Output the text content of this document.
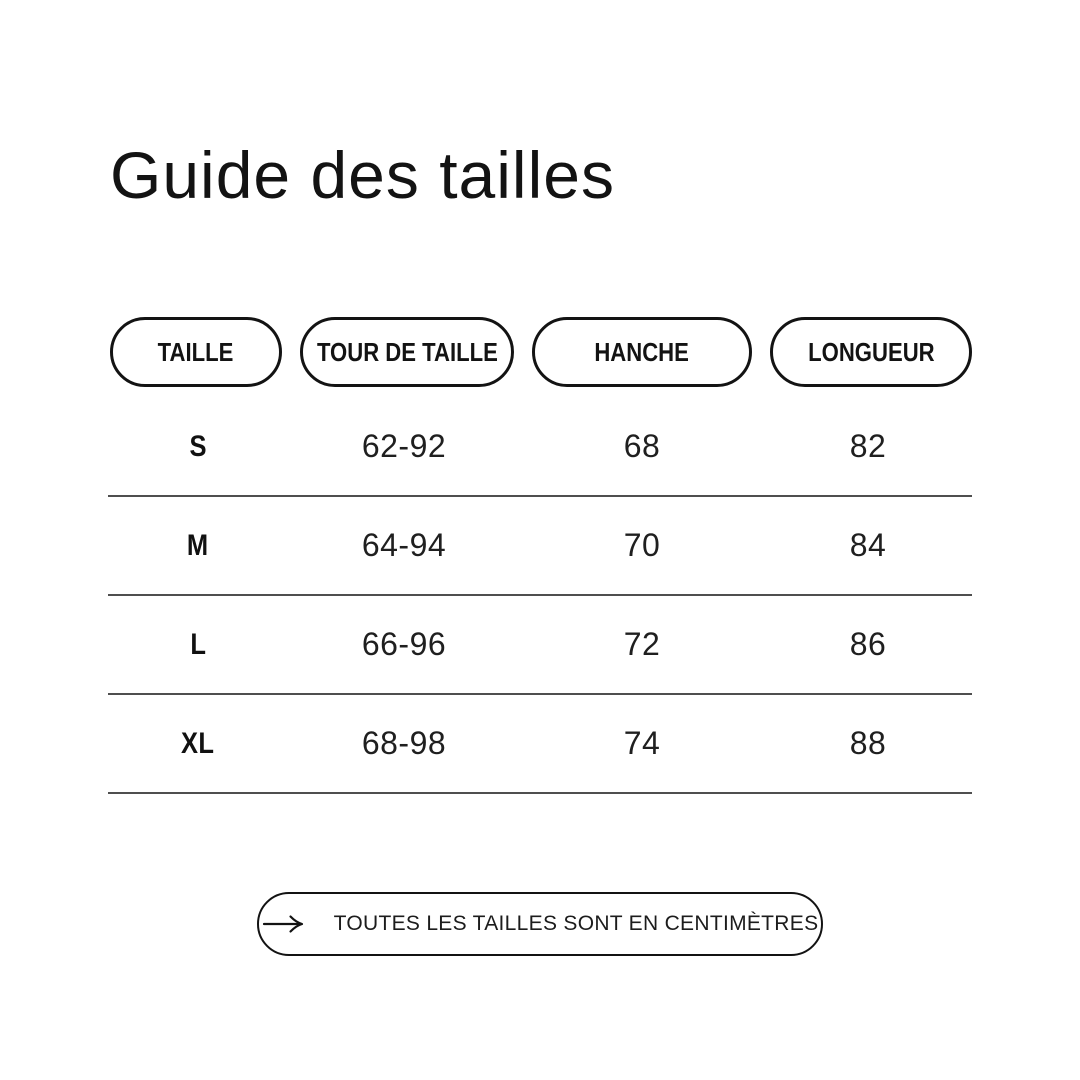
Guide des tailles
TAILLE	TOUR DE TAILLE	HANCHE	LONGUEUR
S	62-92	68	82
M	64-94	70	84
L	66-96	72	86
XL	68-98	74	88
TOUTES LES TAILLES SONT EN CENTIMÈTRES
